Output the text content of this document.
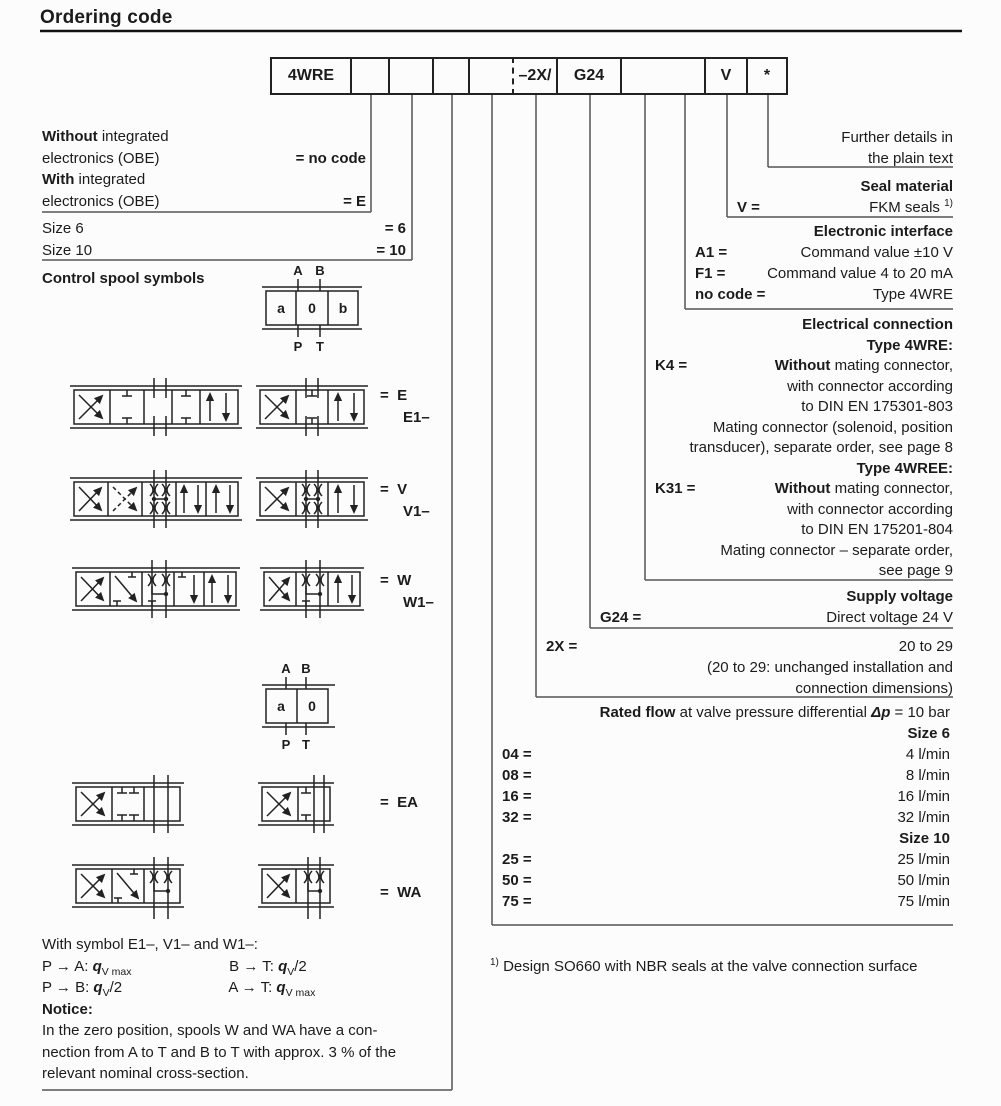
Ordering code
4WRE	–2X/	G24	V	*
Without integrated
electronics (OBE)	= no code
With integrated
electronics (OBE)	= E
Size 6	= 6
Size 10	= 10
Control spool symbols	A B
a 0 b
P T
= E
E1–
= V
V1–
= W
W1–
A B
a 0
P T
= EA
= WA
With symbol E1–, V1– and W1–:
P → A: $q_{V max}$	B → T: $q_V/2$
P → B: $q_V/2$	A → T: $q_{V max}$
Notice:
In the zero position, spools W and WA have a con-
nection from A to T and B to T with approx. 3 % of the
relevant nominal cross-section.
Further details in
the plain text
Seal material
V =	FKM seals $^{1)}$
Electronic interface
A1 =	Command value ±10 V
F1 =	Command value 4 to 20 mA
no code =	Type 4WRE
Electrical connection
Type 4WRE:
K4 =	Without mating connector,
with connector according
to DIN EN 175301-803
Mating connector (solenoid, position
transducer), separate order, see page 8
Type 4WREE:
K31 =	Without mating connector,
with connector according
to DIN EN 175201-804
Mating connector – separate order,
see page 9
Supply voltage
G24 =	Direct voltage 24 V
2X =	20 to 29
(20 to 29: unchanged installation and
connection dimensions)
Rated flow at valve pressure differential Δp = 10 bar
Size 6
04 =	4 l/min
08 =	8 l/min
16 =	16 l/min
32 =	32 l/min
Size 10
25 =	25 l/min
50 =	50 l/min
75 =	75 l/min
$^{1)}$ Design SO660 with NBR seals at the valve connection surface
